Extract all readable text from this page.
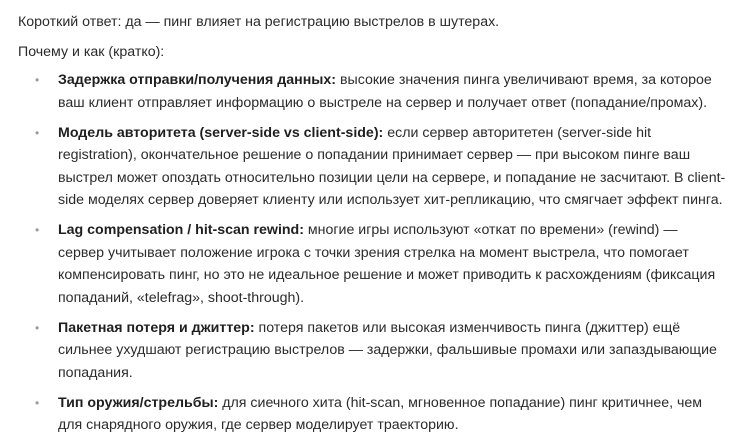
Короткий ответ: да — пинг влияет на регистрацию выстрелов в шутерах.

Почему и как (кратко):

• Задержка отправки/получения данных: высокие значения пинга увеличивают время, за которое ваш клиент отправляет информацию о выстреле на сервер и получает ответ (попадание/промах).
• Модель авторитета (server-side vs client-side): если сервер авторитетен (server-side hit registration), окончательное решение о попадании принимает сервер — при высоком пинге ваш выстрел может опоздать относительно позиции цели на сервере, и попадание не засчитают. В client-side моделях сервер доверяет клиенту или использует хит-репликацию, что смягчает эффект пинга.
• Lag compensation / hit-scan rewind: многие игры используют «откат по времени» (rewind) — сервер учитывает положение игрока с точки зрения стрелка на момент выстрела, что помогает компенсировать пинг, но это не идеальное решение и может приводить к расхождениям (фиксация попаданий, «telefrag», shoot-through).
• Пакетная потеря и джиттер: потеря пакетов или высокая изменчивость пинга (джиттер) ещё сильнее ухудшают регистрацию выстрелов — задержки, фальшивые промахи или запаздывающие попадания.
• Тип оружия/стрельбы: для сиечного хита (hit-scan, мгновенное попадание) пинг критичнее, чем для снарядного оружия, где сервер моделирует траекторию.
